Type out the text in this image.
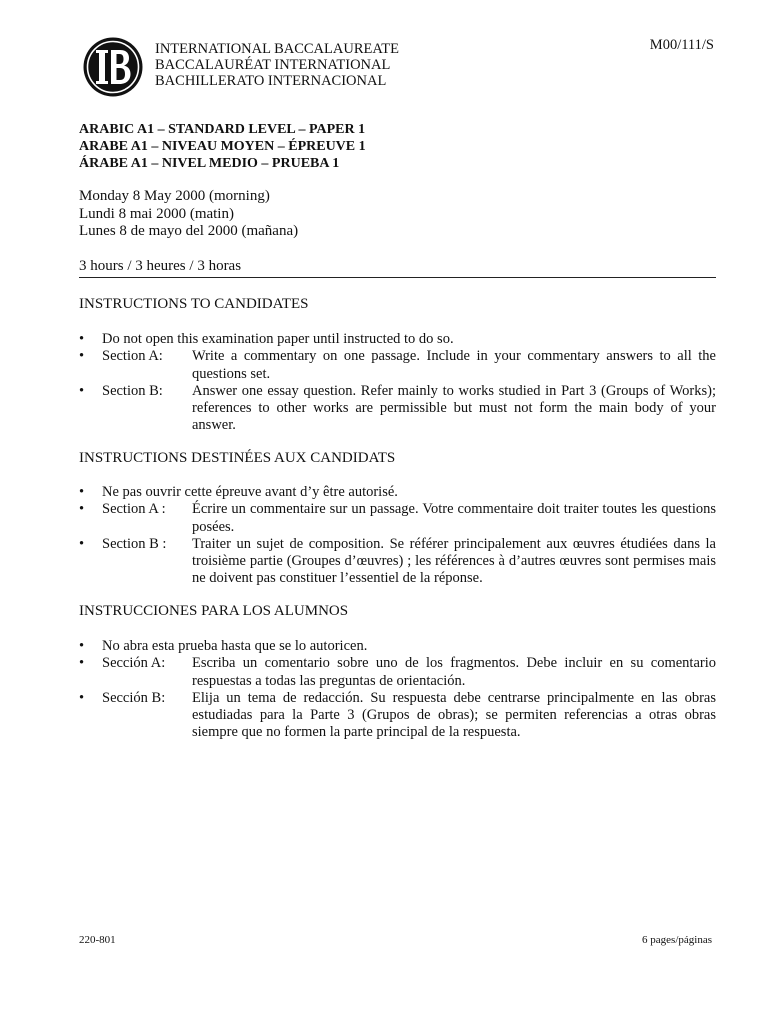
INTERNATIONAL BACCALAUREATE
BACCALAURÉAT INTERNATIONAL
BACHILLERATO INTERNACIONAL
M00/111/S
ARABIC A1 – STANDARD LEVEL – PAPER 1
ARABE A1 – NIVEAU MOYEN – ÉPREUVE 1
ÁRABE A1 – NIVEL MEDIO – PRUEBA 1
Monday 8 May 2000 (morning)
Lundi 8 mai 2000 (matin)
Lunes 8 de mayo del 2000 (mañana)
3 hours / 3 heures / 3 horas
INSTRUCTIONS TO CANDIDATES
•	Do not open this examination paper until instructed to do so.
•	Section A:	Write a commentary on one passage. Include in your commentary answers to all the questions set.
•	Section B:	Answer one essay question. Refer mainly to works studied in Part 3 (Groups of Works); references to other works are permissible but must not form the main body of your answer.
INSTRUCTIONS DESTINÉES AUX CANDIDATS
•	Ne pas ouvrir cette épreuve avant d’y être autorisé.
•	Section A :	Écrire un commentaire sur un passage. Votre commentaire doit traiter toutes les questions posées.
•	Section B :	Traiter un sujet de composition. Se référer principalement aux œuvres étudiées dans la troisième partie (Groupes d’œuvres) ; les références à d’autres œuvres sont permises mais ne doivent pas constituer l’essentiel de la réponse.
INSTRUCCIONES PARA LOS ALUMNOS
•	No abra esta prueba hasta que se lo autoricen.
•	Sección A:	Escriba un comentario sobre uno de los fragmentos. Debe incluir en su comentario respuestas a todas las preguntas de orientación.
•	Sección B:	Elija un tema de redacción. Su respuesta debe centrarse principalmente en las obras estudiadas para la Parte 3 (Grupos de obras); se permiten referencias a otras obras siempre que no formen la parte principal de la respuesta.
220-801	6 pages/páginas
